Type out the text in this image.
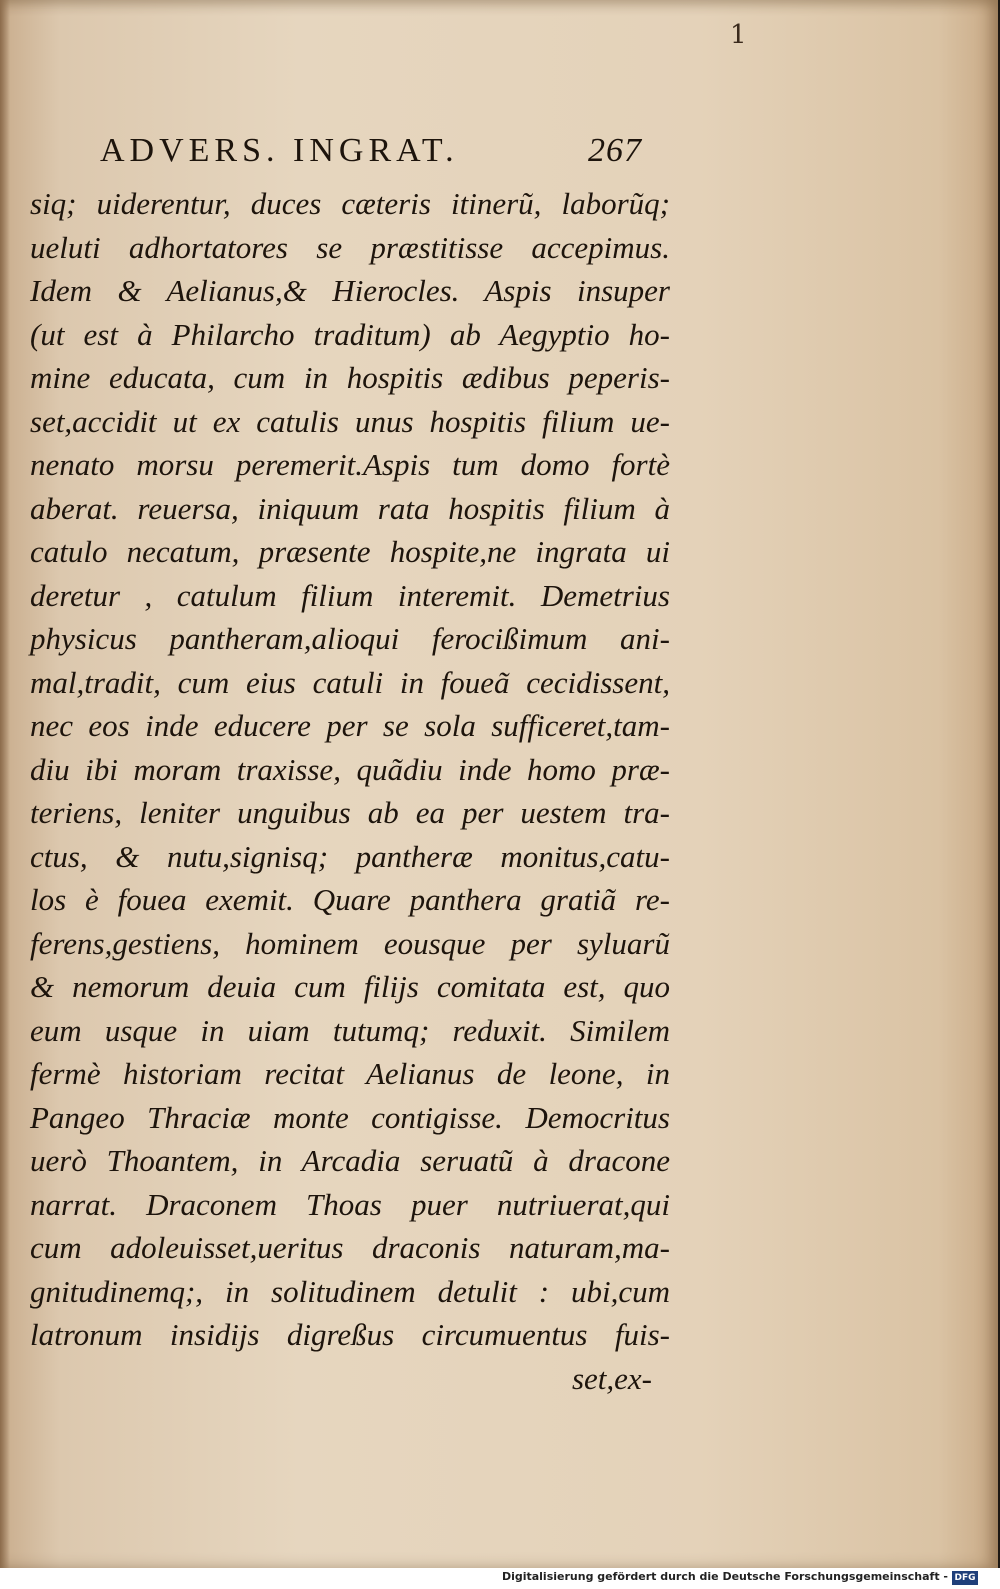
1
ADVERS. INGRAT.	267
siq; uiderentur, duces cæteris itinerũ, laborũq;
ueluti adhortatores se præstitisse accepimus.
Idem & Aelianus,& Hierocles. Aspis insuper
(ut est à Philarcho traditum) ab Aegyptio ho-
mine educata, cum in hospitis ædibus peperis-
set,accidit ut ex catulis unus hospitis filium ue-
nenato morsu peremerit.Aspis tum domo fortè
aberat. reuersa, iniquum rata hospitis filium à
catulo necatum, præsente hospite,ne ingrata ui
deretur , catulum filium interemit. Demetrius
physicus pantheram,alioqui ferocißimum ani-
mal,tradit, cum eius catuli in fouea͂ cecidissent,
nec eos inde educere per se sola sufficeret,tam-
diu ibi moram traxisse, quãdiu inde homo præ-
teriens, leniter unguibus ab ea per uestem tra-
ctus, & nutu,signisq; pantheræ monitus,catu-
los è fouea exemit. Quare panthera gratiã re-
ferens,gestiens, hominem eousque per syluarũ
& nemorum deuia cum filijs comitata est, quo
eum usque in uiam tutumq; reduxit. Similem
fermè historiam recitat Aelianus de leone, in
Pangeo Thraciæ monte contigisse. Democritus
uerò Thoantem, in Arcadia seruatũ à dracone
narrat. Draconem Thoas puer nutriuerat,qui
cum adoleuisset,ueritus draconis naturam,ma-
gnitudinemq;, in solitudinem detulit : ubi,cum
latronum insidijs digreßus circumuentus fuis-
set,ex-
Digitalisierung gefördert durch die Deutsche Forschungsgemeinschaft - DFG
